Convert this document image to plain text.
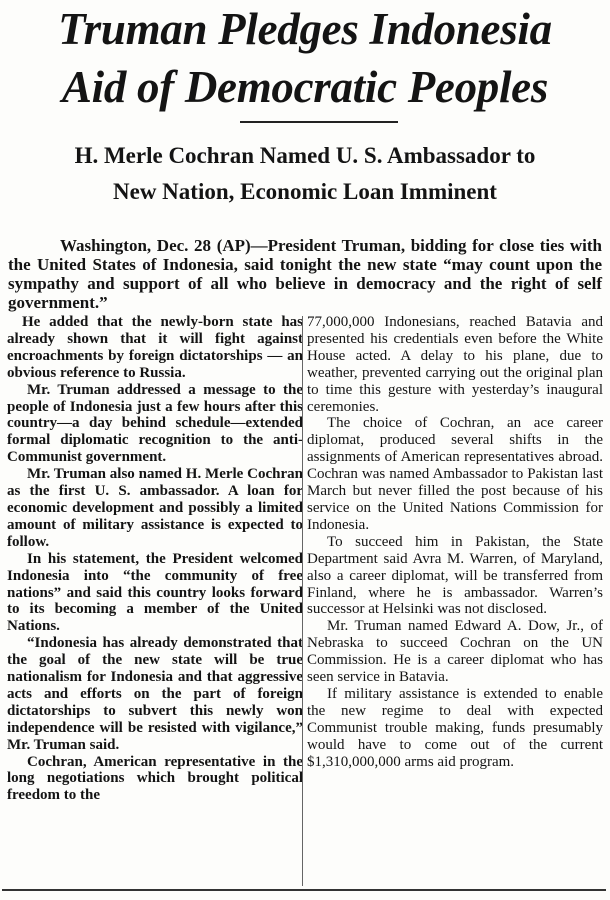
Truman Pledges Indonesia
Aid of Democratic Peoples
H. Merle Cochran Named U. S. Ambassador to
New Nation, Economic Loan Imminent

Washington, Dec. 28 (AP)—President Truman, bidding for close ties with the United States of Indonesia, said tonight the new state “may count upon the sympathy and support of all who believe in democracy and the right of self government.”

He added that the newly-born state has already shown that it will fight against encroachments by foreign dictatorships — an obvious reference to Russia.

Mr. Truman addressed a message to the people of Indonesia just a few hours after this country—a day behind schedule—extended formal diplomatic recognition to the anti-Communist government.

Mr. Truman also named H. Merle Cochran as the first U. S. ambassador. A loan for economic development and possibly a limited amount of military assistance is expected to follow.

In his statement, the President welcomed Indonesia into “the community of free nations” and said this country looks forward to its becoming a member of the United Nations.

“Indonesia has already demonstrated that the goal of the new state will be true nationalism for Indonesia and that aggressive acts and efforts on the part of foreign dictatorships to subvert this newly won independence will be resisted with vigilance,” Mr. Truman said.

Cochran, American representative in the long negotiations which brought political freedom to the

77,000,000 Indonesians, reached Batavia and presented his credentials even before the White House acted. A delay to his plane, due to weather, prevented carrying out the original plan to time this gesture with yesterday’s inaugural ceremonies.

The choice of Cochran, an ace career diplomat, produced several shifts in the assignments of American representatives abroad. Cochran was named Ambassador to Pakistan last March but never filled the post because of his service on the United Nations Commission for Indonesia.

To succeed him in Pakistan, the State Department said Avra M. Warren, of Maryland, also a career diplomat, will be transferred from Finland, where he is ambassador. Warren’s successor at Helsinki was not disclosed.

Mr. Truman named Edward A. Dow, Jr., of Nebraska to succeed Cochran on the UN Commission. He is a career diplomat who has seen service in Batavia.

If military assistance is extended to enable the new regime to deal with expected Communist trouble making, funds presumably would have to come out of the current $1,310,000,000 arms aid program.
